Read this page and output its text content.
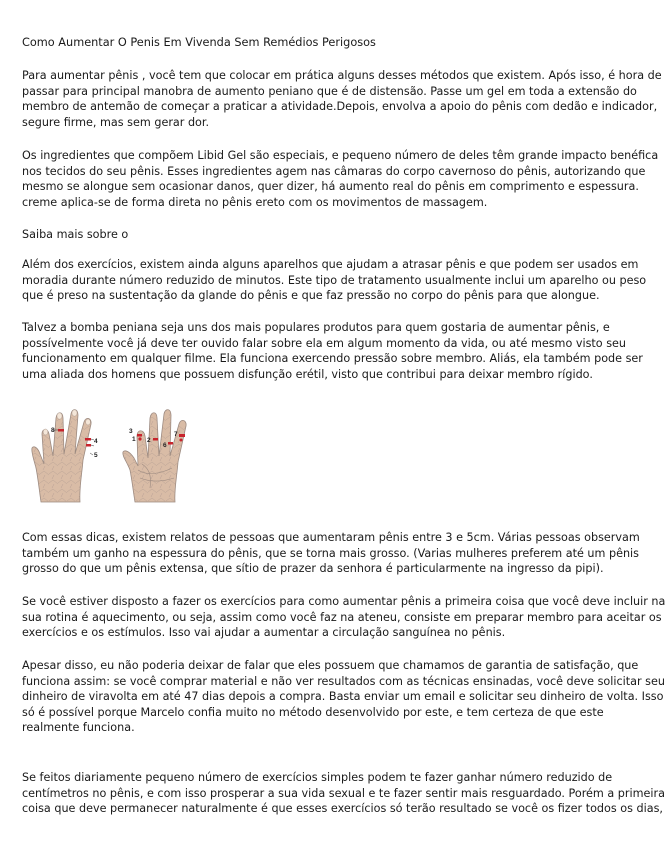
Como Aumentar O Penis Em Vivenda Sem Remédios Perigosos

Para aumentar pênis , você tem que colocar em prática alguns desses métodos que existem. Após isso, é hora de
passar para principal manobra de aumento peniano que é de distensão. Passe um gel em toda a extensão do
membro de antemão de começar a praticar a atividade.Depois, envolva a apoio do pênis com dedão e indicador,
segure firme, mas sem gerar dor.

Os ingredientes que compõem Libid Gel são especiais, e pequeno número de deles têm grande impacto benéfica
nos tecidos do seu pênis. Esses ingredientes agem nas câmaras do corpo cavernoso do pênis, autorizando que
mesmo se alongue sem ocasionar danos, quer dizer, há aumento real do pênis em comprimento e espessura.
creme aplica-se de forma direta no pênis ereto com os movimentos de massagem.

Saiba mais sobre o

Além dos exercícios, existem ainda alguns aparelhos que ajudam a atrasar pênis e que podem ser usados em
moradia durante número reduzido de minutos. Este tipo de tratamento usualmente inclui um aparelho ou peso
que é preso na sustentação da glande do pênis e que faz pressão no corpo do pênis para que alongue.

Talvez a bomba peniana seja uns dos mais populares produtos para quem gostaria de aumentar pênis, e
possívelmente você já deve ter ouvido falar sobre ela em algum momento da vida, ou até mesmo visto seu
funcionamento em qualquer filme. Ela funciona exercendo pressão sobre membro. Aliás, ela também pode ser
uma aliada dos homens que possuem disfunção erétil, visto que contribui para deixar membro rígido.

8
4
5
3
1 2
6
7

Com essas dicas, existem relatos de pessoas que aumentaram pênis entre 3 e 5cm. Várias pessoas observam
também um ganho na espessura do pênis, que se torna mais grosso. (Varias mulheres preferem até um pênis
grosso do que um pênis extensa, que sítio de prazer da senhora é particularmente na ingresso da pipi).

Se você estiver disposto a fazer os exercícios para como aumentar pênis a primeira coisa que você deve incluir na
sua rotina é aquecimento, ou seja, assim como você faz na ateneu, consiste em preparar membro para aceitar os
exercícios e os estímulos. Isso vai ajudar a aumentar a circulação sanguínea no pênis.

Apesar disso, eu não poderia deixar de falar que eles possuem que chamamos de garantia de satisfação, que
funciona assim: se você comprar material e não ver resultados com as técnicas ensinadas, você deve solicitar seu
dinheiro de viravolta em até 47 dias depois a compra. Basta enviar um email e solicitar seu dinheiro de volta. Isso
só é possível porque Marcelo confia muito no método desenvolvido por este, e tem certeza de que este
realmente funciona.

Se feitos diariamente pequeno número de exercícios simples podem te fazer ganhar número reduzido de
centímetros no pênis, e com isso prosperar a sua vida sexual e te fazer sentir mais resguardado. Porém a primeira
coisa que deve permanecer naturalmente é que esses exercícios só terão resultado se você os fizer todos os dias,
